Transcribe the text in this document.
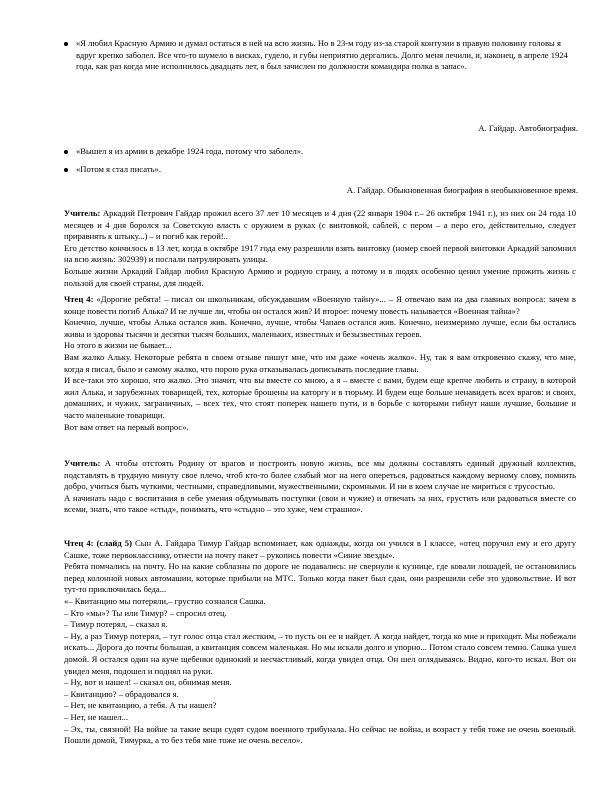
«Я любил Красную Армию и думал остаться в ней на всю жизнь. Но в 23-м году из-за старой контузии в правую половину головы я вдруг крепко заболел. Все что-то шумело в висках, гудело, и губы неприятно дергались. Долго меня лечили, и, наконец, в апреле 1924 года, как раз когда мне исполнилось двадцать лет, я был зачислен по должности командира полка в запас».
А. Гайдар. Автобиография.
«Вышел я из армии в декабре 1924 года, потому что заболел».
«Потом я стал писать».
А. Гайдар. Обыкновенная биография в необыкновенное время.

Учитель: Аркадий Петрович Гайдар прожил всего 37 лет 10 месяцев и 4 дня (22 января 1904 г.– 26 октября 1941 г.), из них он 24 года 10 месяцев и 4 дня боролся за Советскую власть с оружием в руках (с винтовкой, саблей, с пером – а перо его, действительно, следует приравнять к штыку...) – и погиб как герой!..

Его детство кончилось в 13 лет, когда в октябре 1917 года ему разрешили взять винтовку (номер своей первой винтовки Аркадий запомнил на всю жизнь: 302939) и послали патрулировать улицы.

Больше жизни Аркадий Гайдар любил Красную Армию и родную страну, а потому и в людях особенно ценил умение прожить жизнь с пользой для своей страны, для людей.

Чтец 4: «Дорогие ребята! – писал он школьникам, обсуждавшим «Военную тайну»... – Я отвечаю вам на два главных вопроса: зачем в конце повести погиб Алька? И не лучше ли, чтобы он остался жив? И второе: почему повесть называется «Военная тайна»?

Конечно, лучше, чтобы Алька остался жив. Конечно, лучше, чтобы Чапаев остался жив. Конечно, неизмеримо лучше, если бы остались живы и здоровы тысячи и десятки тысяч больших, маленьких, известных и безызвестных героев.

Но этого в жизни не бывает...

Вам жалко Альку. Некоторые ребята в своем отзыве пишут мне, что им даже «очень жалко». Ну, так я вам откровенно скажу, что мне, когда я писал, было и самому жалко, что порою рука отказывалась дописывать последние главы.

И все-таки это хорошо, что жалко. Это значит, что вы вместе со мною, а я – вместе с вами, будем еще крепче любить и страну, в которой жил Алька, и зарубежных товарищей, тех, которые брошены на каторгу и в тюрьму. И будем еще больше ненавидеть всех врагов: и своих, домашних, и чужих, заграничных, – всех тех, что стоят поперек нашего пути, и в борьбе с которыми гибнут наши лучшие, большие и часто маленькие товарищи.

Вот вам ответ на первый вопрос».

Учитель: А чтобы отстоять Родину от врагов и построить новую жизнь, все мы должны составлять единый дружный коллектив, подставлять в трудную минуту свое плечо, чтоб кто-то более слабый мог на него опереться, радоваться каждому верному слову, помнить добро, учиться быть чуткими, честными, справедливыми, мужественными, скромными. И ни в коем случае не мириться с трусостью.

А начинать надо с воспитания в себе умения обдумывать поступки (свои и чужие) и отвечать за них, грустить или радоваться вместе со всеми, знать, что такое «стыд», понимать, что «стыдно – это хуже, чем страшно».

Чтец 4: (слайд 5) Сын А. Гайдара Тимур Гайдар вспоминает, как однажды, когда он учился в I классе, «отец поручил ему и его другу Сашке, тоже первокласснику, отнести на почту пакет – рукопись повести «Синие звезды».

Ребята помчались на почту. Но на какие соблазны по дороге не подавались: не свернули к кузнице, где ковали лошадей, не остановились перед колонной новых автомашин, которые прибыли на МТС. Только когда пакет был сдан, они разрешили себе это удовольствие. И вот тут-то приключилась беда...

«– Квитанцию мы потеряли,– грустно сознался Сашка.

– Кто «мы»? Ты или Тимур? – спросил отец.

– Тимур потерял, – сказал я.

– Ну, а раз Тимур потерял, – тут голос отца стал жестким, – то пусть он ее и найдет. А когда найдет, тогда ко мне и приходит. Мы побежали искать... Дорога до почты большая, а квитанция совсем маленькая. Но мы искали долго и упорно... Потом стало совсем темно. Сашка ушел домой. Я остался один на куче щебенки одинокий и несчастливый, когда увидел отца. Он шел оглядываясь. Видно, кого-то искал. Вот он увидел меня, подошел и поднял на руки.

– Ну, вот и нашел! – сказал он, обнимая меня.

– Квитанцию? – обрадовался я.

– Нет, не квитанцию, а тебя. А ты нашел?

– Нет, не нашел...

– Эх, ты, связной! На войне за такие вещи судят судом военного трибунала. Но сейчас не война, и возраст у тебя тоже не очень военный. Пошли домой, Тимурка, а то без тебя мне тоже не очень весело».
